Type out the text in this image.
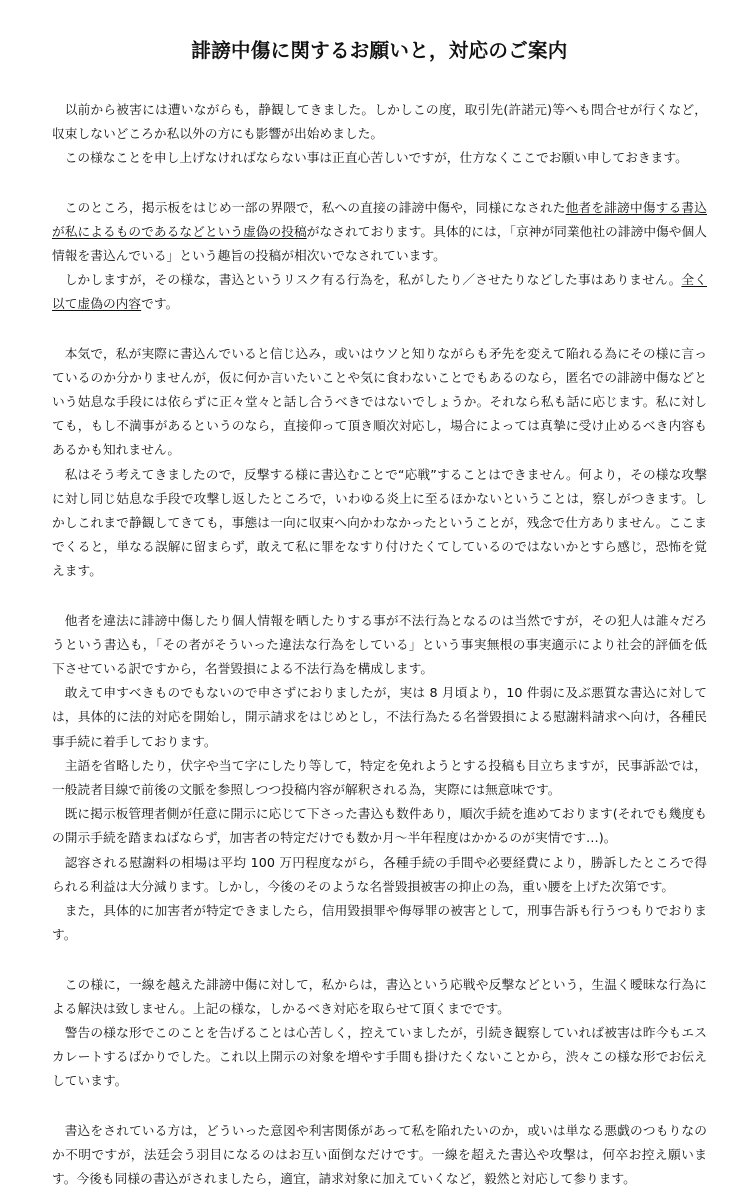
誹謗中傷に関するお願いと，対応のご案内

以前から被害には遭いながらも，静観してきました。しかしこの度，取引先(許諾元)等へも問合せが行くなど，収束しないどころか私以外の方にも影響が出始めました。

この様なことを申し上げなければならない事は正直心苦しいですが，仕方なくここでお願い申しておきます。

このところ，掲示板をはじめ一部の界隈で，私への直接の誹謗中傷や，同様になされた他者を誹謗中傷する書込が私によるものであるなどという虚偽の投稿がなされております。具体的には，「京神が同業他社の誹謗中傷や個人情報を書込んでいる」という趣旨の投稿が相次いでなされています。

しかしますが，その様な，書込というリスク有る行為を，私がしたり／させたりなどした事はありません。全く以て虚偽の内容です。

本気で，私が実際に書込んでいると信じ込み，或いはウソと知りながらも矛先を変えて陥れる為にその様に言っているのか分かりませんが，仮に何か言いたいことや気に食わないことでもあるのなら，匿名での誹謗中傷などという姑息な手段には依らずに正々堂々と話し合うべきではないでしょうか。それなら私も話に応じます。私に対しても，もし不満事があるというのなら，直接仰って頂き順次対応し，場合によっては真摯に受け止めるべき内容もあるかも知れません。

私はそう考えてきましたので，反撃する様に書込むことで“応戦”することはできません。何より，その様な攻撃に対し同じ姑息な手段で攻撃し返したところで，いわゆる炎上に至るほかないということは，察しがつきます。しかしこれまで静観してきても，事態は一向に収束へ向かわなかったということが，残念で仕方ありません。ここまでくると，単なる誤解に留まらず，敢えて私に罪をなすり付けたくてしているのではないかとすら感じ，恐怖を覚えます。

他者を違法に誹謗中傷したり個人情報を晒したりする事が不法行為となるのは当然ですが，その犯人は誰々だろうという書込も，「その者がそういった違法な行為をしている」という事実無根の事実適示により社会的評価を低下させている訳ですから，名誉毀損による不法行為を構成します。

敢えて申すべきものでもないので申さずにおりましたが，実は 8 月頃より，10 件弱に及ぶ悪質な書込に対しては，具体的に法的対応を開始し，開示請求をはじめとし，不法行為たる名誉毀損による慰謝料請求へ向け，各種民事手続に着手しております。

主語を省略したり，伏字や当て字にしたり等して，特定を免れようとする投稿も目立ちますが，民事訴訟では，一般読者目線で前後の文脈を参照しつつ投稿内容が解釈される為，実際には無意味です。

既に掲示板管理者側が任意に開示に応じて下さった書込も数件あり，順次手続を進めております(それでも幾度もの開示手続を踏まねばならず，加害者の特定だけでも数か月～半年程度はかかるのが実情です…)。

認容される慰謝料の相場は平均 100 万円程度ながら，各種手続の手間や必要経費により，勝訴したところで得られる利益は大分減ります。しかし，今後のそのような名誉毀損被害の抑止の為，重い腰を上げた次第です。

また，具体的に加害者が特定できましたら，信用毀損罪や侮辱罪の被害として，刑事告訴も行うつもりでおります。

この様に，一線を越えた誹謗中傷に対して，私からは，書込という応戦や反撃などという，生温く曖昧な行為による解決は致しません。上記の様な，しかるべき対応を取らせて頂くまでです。

警告の様な形でこのことを告げることは心苦しく，控えていましたが，引続き観察していれば被害は昨今もエスカレートするばかりでした。これ以上開示の対象を増やす手間も掛けたくないことから，渋々この様な形でお伝えしています。

書込をされている方は，どういった意図や利害関係があって私を陥れたいのか，或いは単なる悪戯のつもりなのか不明ですが，法廷会う羽目になるのはお互い面倒なだけです。一線を超えた書込や攻撃は，何卒お控え願います。今後も同様の書込がされましたら，適宜，請求対象に加えていくなど，毅然と対応して参ります。
